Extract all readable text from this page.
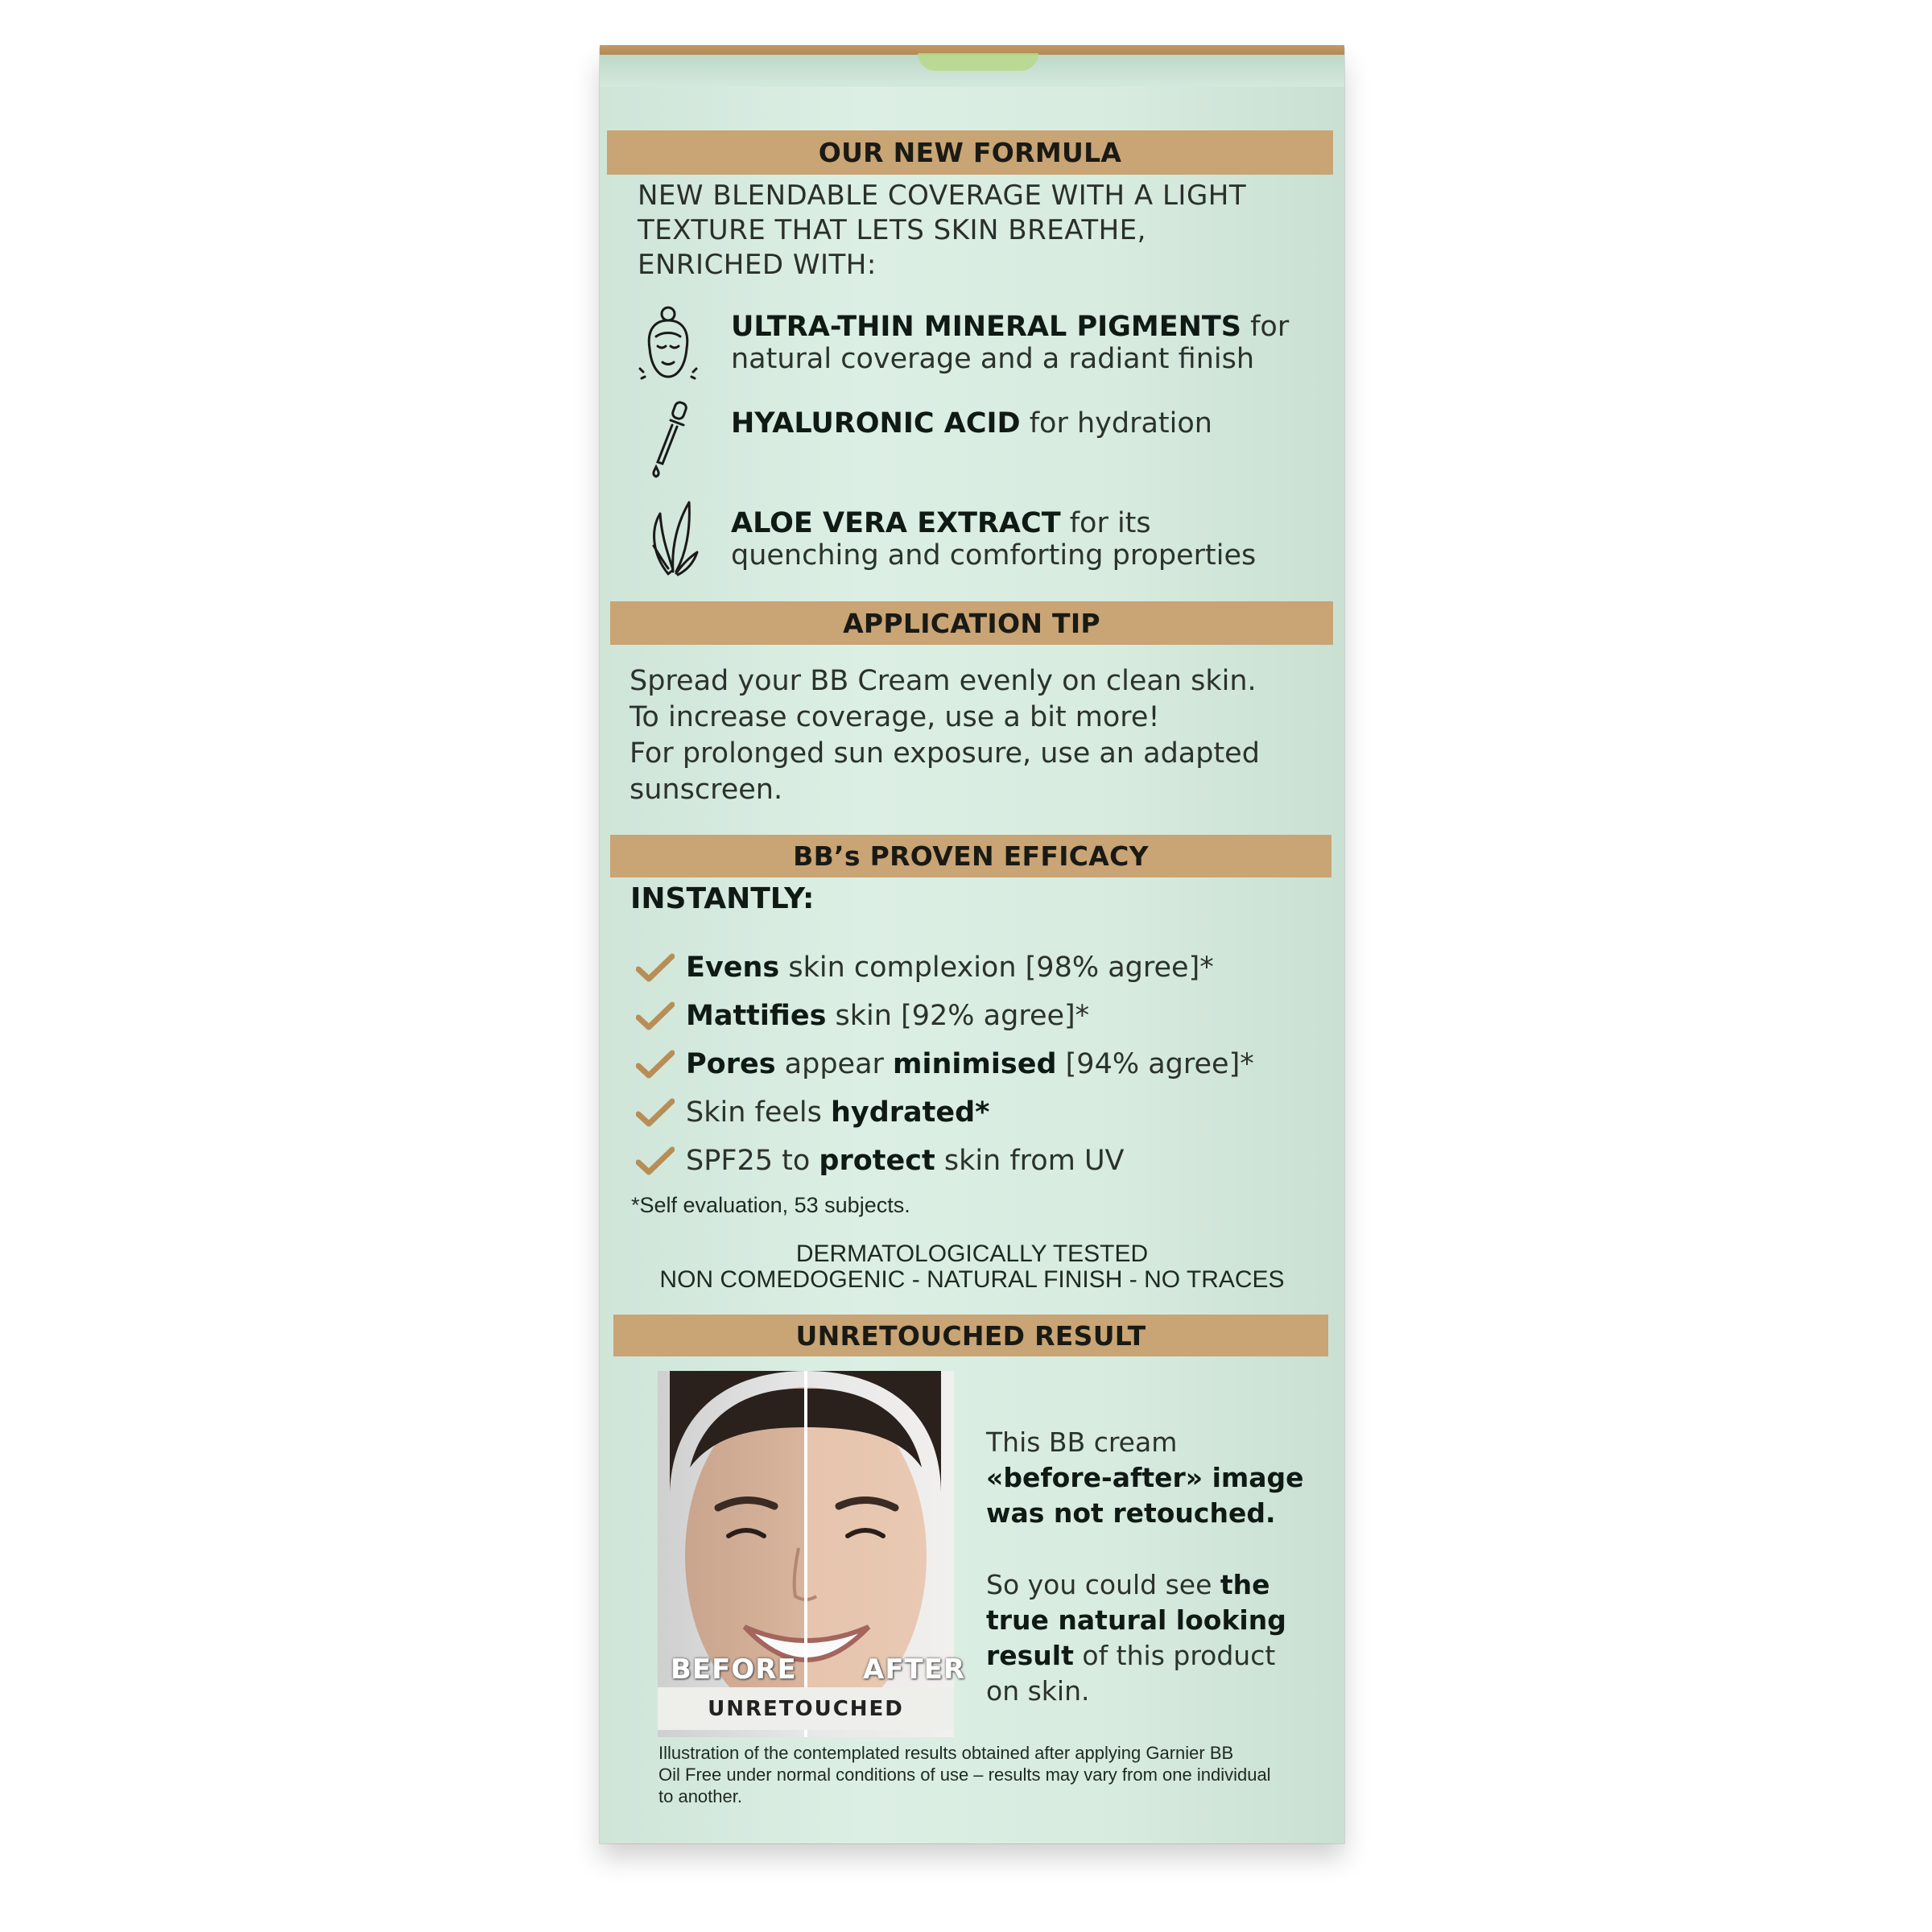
OUR NEW FORMULA
NEW BLENDABLE COVERAGE WITH A LIGHT
TEXTURE THAT LETS SKIN BREATHE,
ENRICHED WITH:
ULTRA-THIN MINERAL PIGMENTS for
natural coverage and a radiant finish
HYALURONIC ACID for hydration
ALOE VERA EXTRACT for its
quenching and comforting properties
APPLICATION TIP
Spread your BB Cream evenly on clean skin.
To increase coverage, use a bit more!
For prolonged sun exposure, use an adapted
sunscreen.
BB’s PROVEN EFFICACY
INSTANTLY:
Evens skin complexion [98% agree]*
Mattifies skin [92% agree]*
Pores appear minimised [94% agree]*
Skin feels hydrated*
SPF25 to protect skin from UV
*Self evaluation, 53 subjects.
DERMATOLOGICALLY TESTED
NON COMEDOGENIC - NATURAL FINISH - NO TRACES
UNRETOUCHED RESULT
BEFORE AFTER
UNRETOUCHED
This BB cream
«before-after» image
was not retouched.
So you could see the
true natural looking
result of this product
on skin.
Illustration of the contemplated results obtained after applying Garnier BB
Oil Free under normal conditions of use – results may vary from one individual
to another.
